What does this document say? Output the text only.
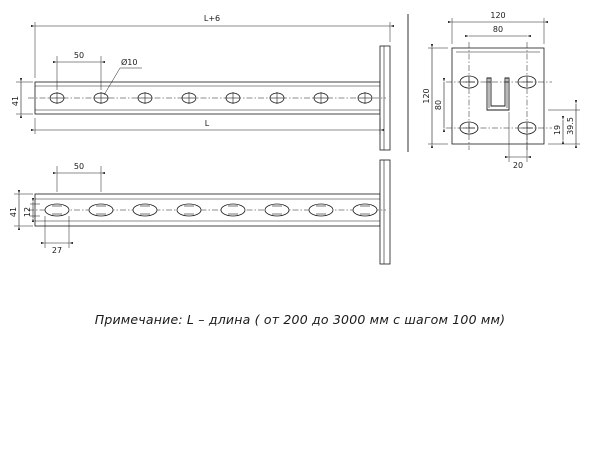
L+6
L
50
Ø10
41
50
41 12
27
120
80
120
80
39.5
19
20
Примечание: L – длина ( от 200 до 3000 мм с шагом 100 мм)
